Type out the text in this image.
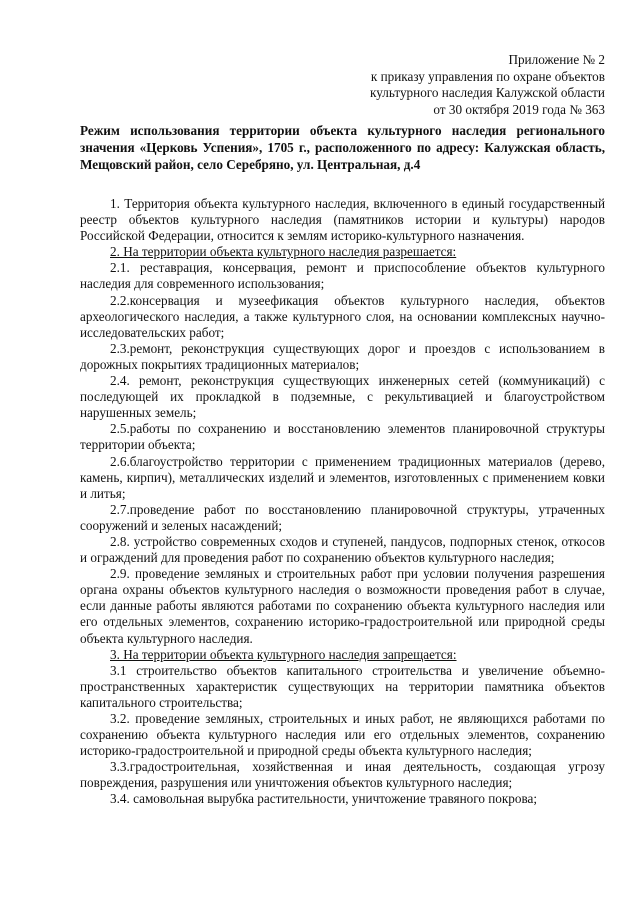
Приложение № 2
к приказу управления по охране объектов
культурного наследия Калужской области
от 30 октября 2019 года № 363
Режим использования территории объекта культурного наследия регионального значения «Церковь Успения», 1705 г., расположенного по адресу: Калужская область, Мещовский район, село Серебряно, ул. Центральная, д.4

1. Территория объекта культурного наследия, включенного в единый государственный реестр объектов культурного наследия (памятников истории и культуры) народов Российской Федерации, относится к землям историко-культурного назначения.

2. На территории объекта культурного наследия разрешается:

2.1. реставрация, консервация, ремонт и приспособление объектов культурного наследия для современного использования;

2.2.консервация и музеефикация объектов культурного наследия, объектов археологического наследия, а также культурного слоя, на основании комплексных научно-исследовательских работ;

2.3.ремонт, реконструкция существующих дорог и проездов с использованием в дорожных покрытиях традиционных материалов;

2.4. ремонт, реконструкция существующих инженерных сетей (коммуникаций) с последующей их прокладкой в подземные, с рекультивацией и благоустройством нарушенных земель;

2.5.работы по сохранению и восстановлению элементов планировочной структуры территории объекта;

2.6.благоустройство территории с применением традиционных материалов (дерево, камень, кирпич), металлических изделий и элементов, изготовленных с применением ковки и литья;

2.7.проведение работ по восстановлению планировочной структуры, утраченных сооружений и зеленых насаждений;

2.8. устройство современных сходов и ступеней, пандусов, подпорных стенок, откосов и ограждений для проведения работ по сохранению объектов культурного наследия;

2.9. проведение земляных и строительных работ при условии получения разрешения органа охраны объектов культурного наследия о возможности проведения работ в случае, если данные работы являются работами по сохранению объекта культурного наследия или его отдельных элементов, сохранению историко-градостроительной или природной среды объекта культурного наследия.

3. На территории объекта культурного наследия запрещается:

3.1 строительство объектов капитального строительства и увеличение объемно-пространственных характеристик существующих на территории памятника объектов капитального строительства;

3.2. проведение земляных, строительных и иных работ, не являющихся работами по сохранению объекта культурного наследия или его отдельных элементов, сохранению историко-градостроительной и природной среды объекта культурного наследия;

3.3.градостроительная, хозяйственная и иная деятельность, создающая угрозу повреждения, разрушения или уничтожения объектов культурного наследия;

3.4. самовольная вырубка растительности, уничтожение травяного покрова;
